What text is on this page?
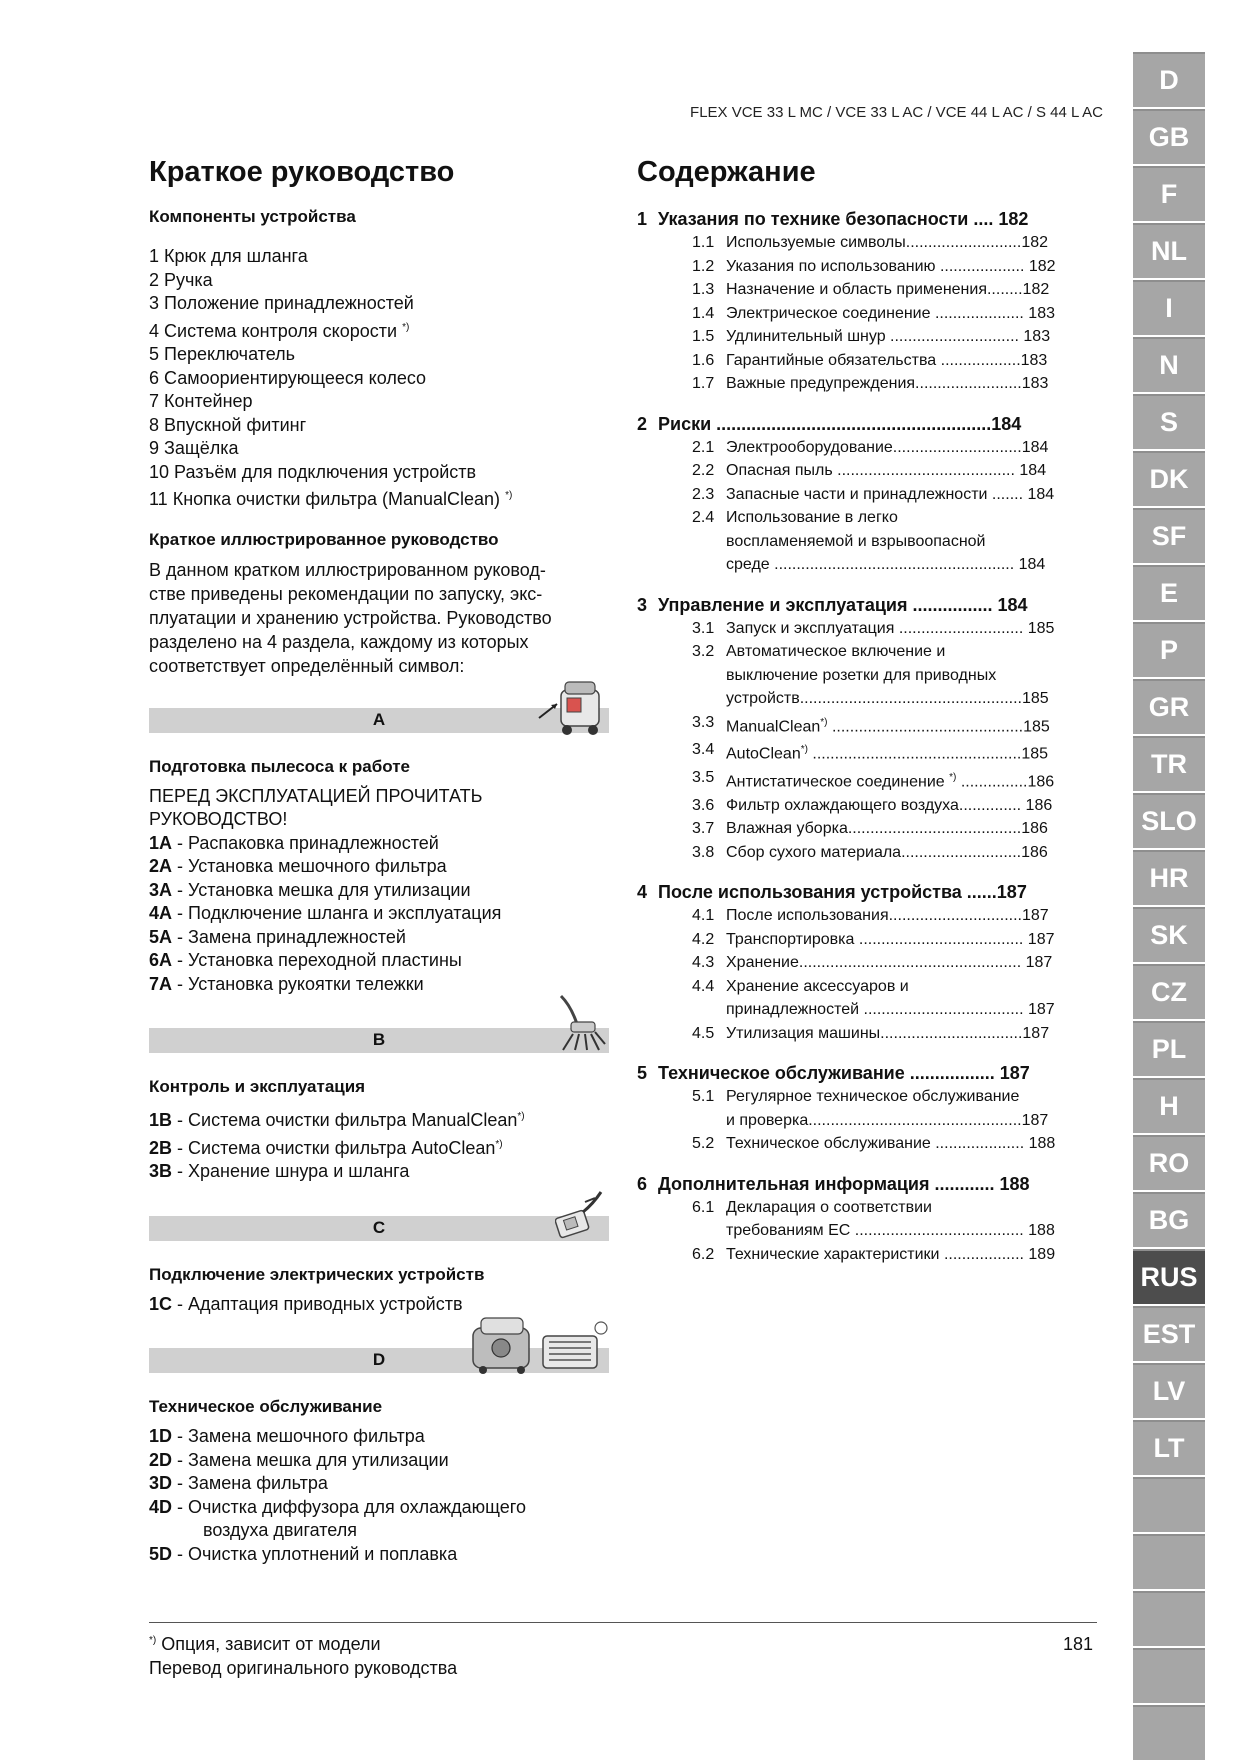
FLEX VCE 33 L MC / VCE 33 L AC / VCE 44 L AC / S 44 L AC
Краткое руководство
Компоненты устройства
1 Крюк для шланга
2 Ручка
3 Положение принадлежностей
4 Система контроля скорости *)
5 Переключатель
6 Самоориентирующееся колесо
7 Контейнер
8 Впускной фитинг
9 Защёлка
10 Разъём для подключения устройств
11 Кнопка очистки фильтра (ManualClean) *)
Краткое иллюстрированное руководство
В данном кратком иллюстрированном руковод-
стве приведены рекомендации по запуску, экс-
плуатации и хранению устройства. Руководство
разделено на 4 раздела, каждому из которых
соответствует определённый символ:
A
Подготовка пылесоса к работе
ПЕРЕД ЭКСПЛУАТАЦИЕЙ ПРОЧИТАТЬ
РУКОВОДСТВО!
1A - Распаковка принадлежностей
2A - Установка мешочного фильтра
3A - Установка мешка для утилизации
4A - Подключение шланга и эксплуатация
5A - Замена принадлежностей
6A - Установка переходной пластины
7A - Установка рукоятки тележки
B
Контроль и эксплуатация
1B - Система очистки фильтра ManualClean*)
2B - Система очистки фильтра AutoClean*)
3B - Хранение шнура и шланга
C
Подключение электрических устройств
1C - Адаптация приводных устройств
D
Техническое обслуживание
1D - Замена мешочного фильтра
2D - Замена мешка для утилизации
3D - Замена фильтра
4D - Очистка диффузора для охлаждающего
воздуха двигателя
5D - Очистка уплотнений и поплавка
Содержание
1 Указания по технике безопасности .... 182
1.1 Используемые символы..........................182
1.2 Указания по использованию ................... 182
1.3 Назначение и область применения........182
1.4 Электрическое соединение .................... 183
1.5 Удлинительный шнур ............................. 183
1.6 Гарантийные обязательства ..................183
1.7 Важные предупреждения........................183
2 Риски .......................................................184
2.1 Электрооборудование.............................184
2.2 Опасная пыль ........................................ 184
2.3 Запасные части и принадлежности ....... 184
2.4 Использование в легко
воспламеняемой и взрывоопасной
среде ...................................................... 184
3 Управление и эксплуатация ................ 184
3.1 Запуск и эксплуатация ............................ 185
3.2 Автоматическое включение и
выключение розетки для приводных
устройств..................................................185
3.3 ManualClean*) ...........................................185
3.4 AutoClean*) ...............................................185
3.5 Антистатическое соединение *) ...............186
3.6 Фильтр охлаждающего воздуха.............. 186
3.7 Влажная уборка.......................................186
3.8 Сбор сухого материала...........................186
4 После использования устройства ......187
4.1 После использования..............................187
4.2 Транспортировка ..................................... 187
4.3 Хранение.................................................. 187
4.4 Хранение аксессуаров и
принадлежностей .................................... 187
4.5 Утилизация машины................................187
5 Техническое обслуживание ................. 187
5.1 Регулярное техническое обслуживание
и проверка................................................187
5.2 Техническое обслуживание .................... 188
6 Дополнительная информация ............ 188
6.1 Декларация о соответствии
требованиям ЕС ...................................... 188
6.2 Технические характеристики .................. 189
D
GB
F
NL
I
N
S
DK
SF
E
P
GR
TR
SLO
HR
SK
CZ
PL
H
RO
BG
RUS
EST
LV
LT
*) Опция, зависит от модели
Перевод оригинального руководства
181
